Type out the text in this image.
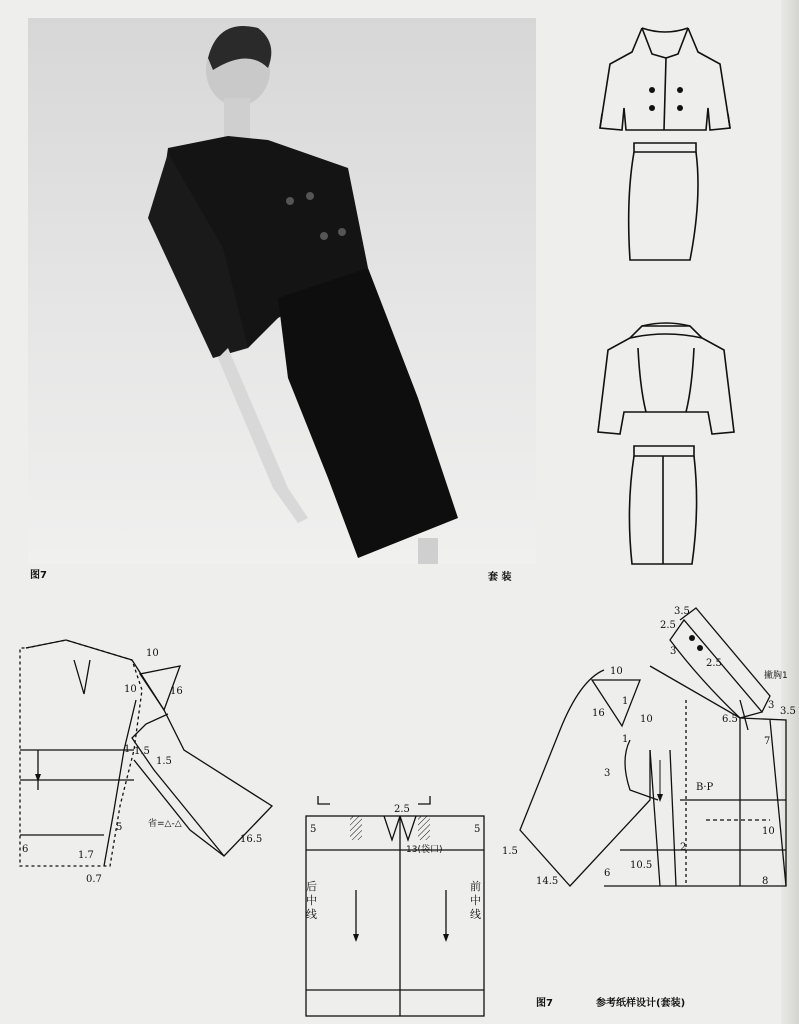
图7	套 装
10
10	16
1 1.5
1.5
5
1.7
0.7
6
16.5
省=△-△
2.5
5	5
13(袋口)
后中线
前中线
3.5
2.5
3
2.5
10
16
10
1
1
3
6.5
7
3.5
10
1.5
14.5
6
10.5
2
8
3
B·P
撇胸1
图7	参考纸样设计(套装)
